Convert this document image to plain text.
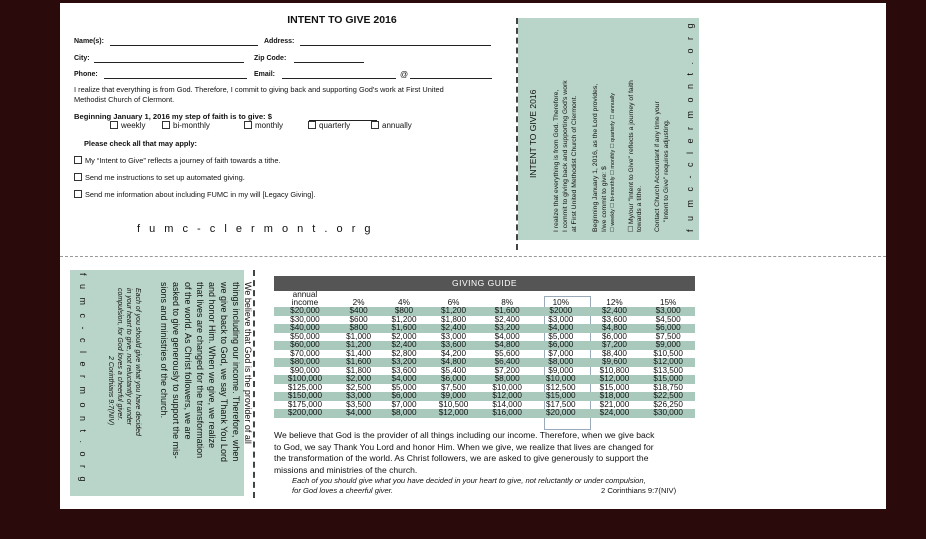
INTENT TO GIVE 2016
Name(s):	Address:
City:	Zip Code:
Phone:	Email:	@
I realize that everything is from God. Therefore, I commit to giving back and supporting God's work at First United
Methodist Church of Clermont.
Beginning January 1, 2016 my step of faith is to give: $
weekly	bi-monthly	monthly	quarterly	annually
Please check all that may apply:
My “Intent to Give” reflects a journey of faith towards a tithe.
Send me instructions to set up automated giving.
Send me information about including FUMC in my will [Legacy Giving].
f u m c - c l e r m o n t . o r g
INTENT TO GIVE 2016 I realize that everything is from God. Therefore, I commit to giving back and supporting God's work at First United Methodist Church of Clermont. Beginning January 1, 2016, as the Lord provides, I/we commit to give: $ ☐ weekly ☐ bi-monthly ☐ monthly ☐ quarterly ☐ annually ☐ My/our "Intent to Give" reflects a journey of faith towards a tithe. Contact Church Accountant if any time your "Intent to Give" requires adjusting. f u m c - c l e r m o n t . o r g
f u m c - c l e r m o n t . o r g	Each of you should give what you have decided
in your heart to give, not reluctantly or under
compulsion, for God loves a cheerful giver.
2 Corinthians 9:7(NIV)	We believe that God is the provider of all
things including our income. Therefore, when
we give back to God, we say Thank You Lord
and honor Him. When we give, we realize
that lives are changed for the transformation
of the world. As Christ followers, we are
asked to give generously to support the mis-
sions and ministries of the church.	GIVING GUIDE
annual							
income	2%	4%	6%	8%	10%	12%	15%
$20,000	$400	$800	$1,200	$1,600	$2000	$2,400	$3,000
$30,000	$600	$1,200	$1,800	$2,400	$3,000	$3,600	$4,500
$40,000	$800	$1,600	$2,400	$3,200	$4,000	$4,800	$6,000
$50,000	$1,000	$2,000	$3,000	$4,000	$5,000	$6,000	$7,500
$60,000	$1,200	$2,400	$3,600	$4,800	$6,000	$7,200	$9,000
$70,000	$1,400	$2,800	$4,200	$5,600	$7,000	$8,400	$10,500
$80,000	$1,600	$3,200	$4,800	$6,400	$8,000	$9,600	$12,000
$90,000	$1,800	$3,600	$5,400	$7,200	$9,000	$10,800	$13,500
$100,000	$2,000	$4,000	$6,000	$8,000	$10,000	$12,000	$15,000
$125,000	$2,500	$5,000	$7,500	$10,000	$12,500	$15,000	$18,750
$150,000	$3,000	$6,000	$9,000	$12,000	$15,000	$18,000	$22,500
$175,000	$3,500	$7,000	$10,500	$14,000	$17,500	$21,000	$26,250
$200,000	$4,000	$8,000	$12,000	$16,000	$20,000	$24,000	$30,000
We believe that God is the provider of all things including our income. Therefore, when we give back
to God, we say Thank You Lord and honor Him. When we give, we realize that lives are changed for
the transformation of the world. As Christ followers, we are asked to give generously to support the
missions and ministries of the church.
Each of you should give what you have decided in your heart to give, not reluctantly or under compulsion,
for God loves a cheerful giver.	2 Corinthians 9:7(NIV)
